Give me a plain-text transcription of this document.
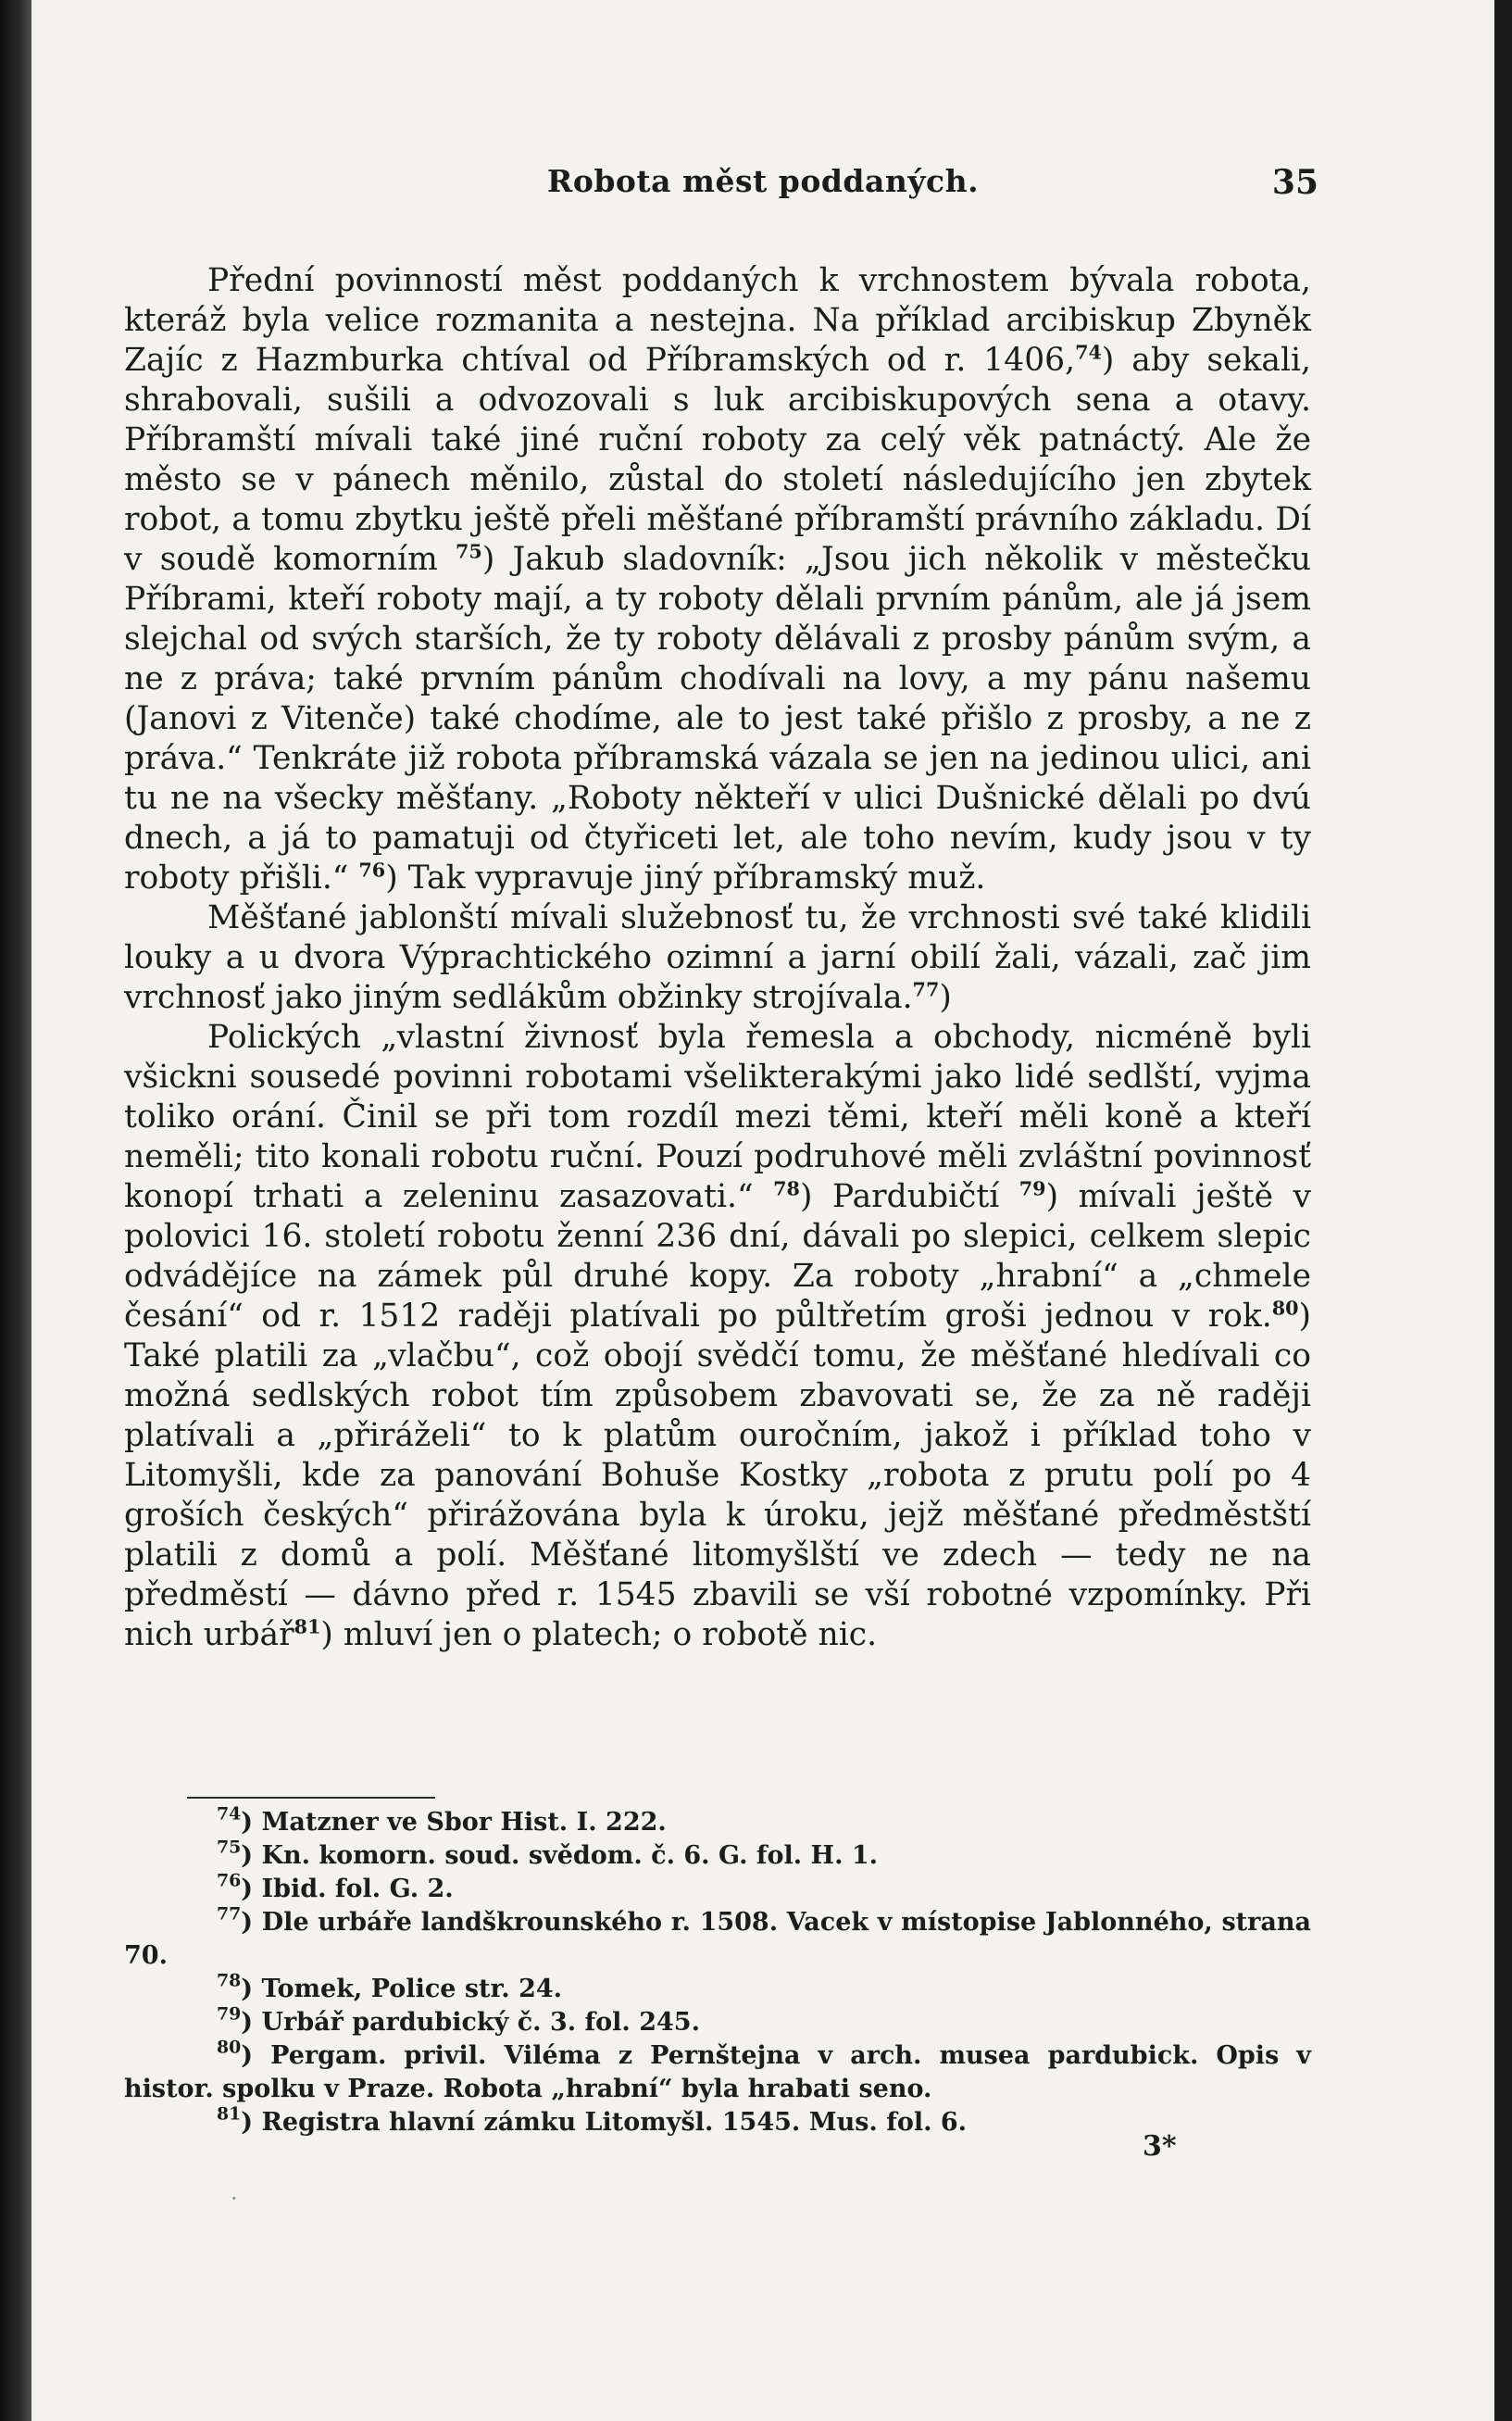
Robota měst poddaných.	35

Přední povinností měst poddaných k vrchnostem bývala robota, kteráž byla velice rozmanita a nestejna. Na příklad arcibiskup Zbyněk Zajíc z Hazmburka chtíval od Příbramských od r. 1406,74) aby sekali, shrabovali, sušili a odvozovali s luk arcibiskupových sena a otavy. Příbramští mívali také jiné ruční roboty za celý věk patnáctý. Ale že město se v pánech měnilo, zůstal do století následujícího jen zbytek robot, a tomu zbytku ještě přeli měšťané příbramští právního základu. Dí v soudě komorním $^{75}$) Jakub sladovník: „Jsou jich několik v městečku Příbrami, kteří roboty mají, a ty roboty dělali prvním pánům, ale já jsem slejchal od svých starších, že ty roboty dělávali z prosby pánům svým, a ne z práva; také prvním pánům chodívali na lovy, a my pánu našemu (Janovi z Vitenče) také chodíme, ale to jest také přišlo z prosby, a ne z práva.“ Tenkráte již robota příbramská vázala se jen na jedinou ulici, ani tu ne na všecky měšťany. „Roboty někteří v ulici Dušnické dělali po dvú dnech, a já to pamatuji od čtyřiceti let, ale toho nevím, kudy jsou v ty roboty přišli.“ $^{76}$) Tak vypravuje jiný příbramský muž.

Měšťané jablonští mívali služebnosť tu, že vrchnosti své také klidili louky a u dvora Výprachtického ozimní a jarní obilí žali, vázali, zač jim vrchnosť jako jiným sedlákům obžinky strojívala.$^{77}$)

Polických „vlastní živnosť byla řemesla a obchody, nicméně byli všickni sousedé povinni robotami všelikterakými jako lidé sedlští, vyjma toliko orání. Činil se při tom rozdíl mezi těmi, kteří měli koně a kteří neměli; tito konali robotu ruční. Pouzí podruhové měli zvláštní povinnosť konopí trhati a zeleninu zasazovati.“ $^{78}$) Pardubičtí $^{79}$) mívali ještě v polovici 16. století robotu ženní 236 dní, dávali po slepici, celkem slepic odvádějíce na zámek půl druhé kopy. Za roboty „hrabní“ a „chmele česání“ od r. 1512 raději platívali po půltřetím groši jednou v rok.$^{80}$) Také platili za „vlačbu“, což obojí svědčí tomu, že měšťané hledívali co možná sedlských robot tím způsobem zbavovati se, že za ně raději platívali a „přiráželi“ to k platům ouročním, jakož i příklad toho v Litomyšli, kde za panování Bohuše Kostky „robota z prutu polí po 4 groších českých“ přirážována byla k úroku, jejž měšťané předměstští platili z domů a polí. Měšťané litomyšlští ve zdech — tedy ne na předměstí — dávno před r. 1545 zbavili se vší robotné vzpomínky. Při nich urbář$^{81}$) mluví jen o platech; o robotě nic.

$^{74}$) Matzner ve Sbor Hist. I. 222.

$^{75}$) Kn. komorn. soud. svědom. č. 6. G. fol. H. 1.

$^{76}$) Ibid. fol. G. 2.

$^{77}$) Dle urbáře landškrounského r. 1508. Vacek v místopise Jablonného, strana 70.

$^{78}$) Tomek, Police str. 24.

$^{79}$) Urbář pardubický č. 3. fol. 245.

$^{80}$) Pergam. privil. Viléma z Pernštejna v arch. musea pardubick. Opis v histor. spolku v Praze. Robota „hrabní“ byla hrabati seno.

$^{81}$) Registra hlavní zámku Litomyšl. 1545. Mus. fol. 6.

3*
·
